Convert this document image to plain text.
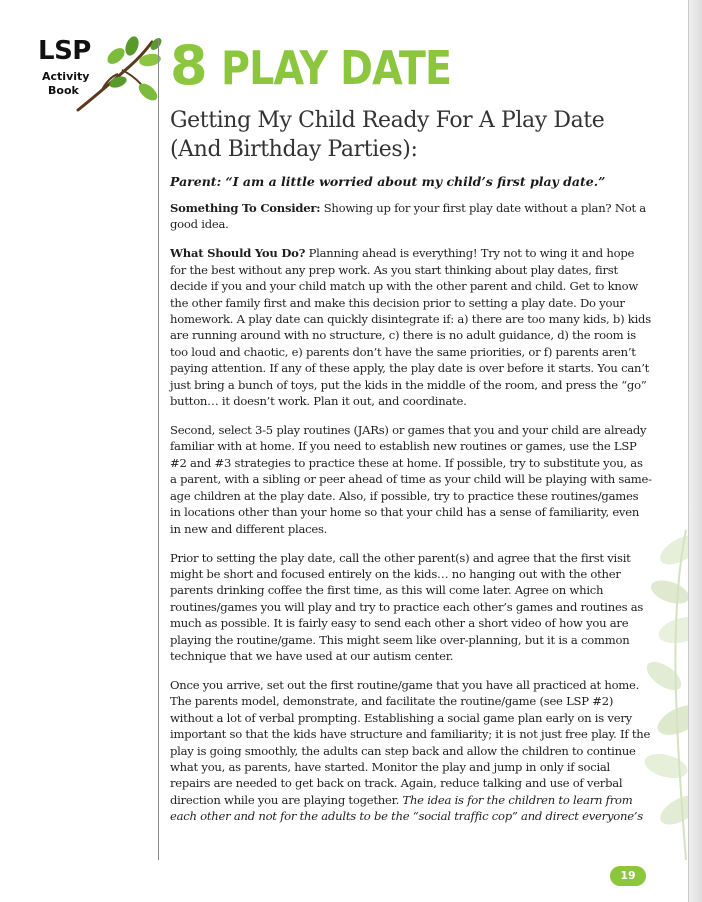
LSP
Activity
Book 8 PLAY DATE
Getting My Child Ready For A Play Date (And Birthday Parties):
Parent: “I am a little worried about my child’s first play date.”

Something To Consider: Showing up for your first play date without a plan? Not a good idea.

What Should You Do? Planning ahead is everything! Try not to wing it and hope for the best without any prep work. As you start thinking about play dates, first decide if you and your child match up with the other parent and child. Get to know the other family first and make this decision prior to setting a play date. Do your homework. A play date can quickly disintegrate if: a) there are too many kids, b) kids are running around with no structure, c) there is no adult guidance, d) the room is too loud and chaotic, e) parents don’t have the same priorities, or f) parents aren’t paying attention. If any of these apply, the play date is over before it starts. You can’t just bring a bunch of toys, put the kids in the middle of the room, and press the “go” button… it doesn’t work. Plan it out, and coordinate.

Second, select 3-5 play routines (JARs) or games that you and your child are already familiar with at home. If you need to establish new routines or games, use the LSP #2 and #3 strategies to practice these at home. If possible, try to substitute you, as a parent, with a sibling or peer ahead of time as your child will be playing with same-age children at the play date. Also, if possible, try to practice these routines/games in locations other than your home so that your child has a sense of familiarity, even in new and different places.

Prior to setting the play date, call the other parent(s) and agree that the first visit might be short and focused entirely on the kids… no hanging out with the other parents drinking coffee the first time, as this will come later. Agree on which routines/games you will play and try to practice each other’s games and routines as much as possible. It is fairly easy to send each other a short video of how you are playing the routine/game. This might seem like over-planning, but it is a common technique that we have used at our autism center.

Once you arrive, set out the first routine/game that you have all practiced at home. The parents model, demonstrate, and facilitate the routine/game (see LSP #2) without a lot of verbal prompting. Establishing a social game plan early on is very important so that the kids have structure and familiarity; it is not just free play. If the play is going smoothly, the adults can step back and allow the children to continue what you, as parents, have started. Monitor the play and jump in only if social repairs are needed to get back on track. Again, reduce talking and use of verbal direction while you are playing together. The idea is for the children to learn from each other and not for the adults to be the “social traffic cop” and direct everyone’s

19
